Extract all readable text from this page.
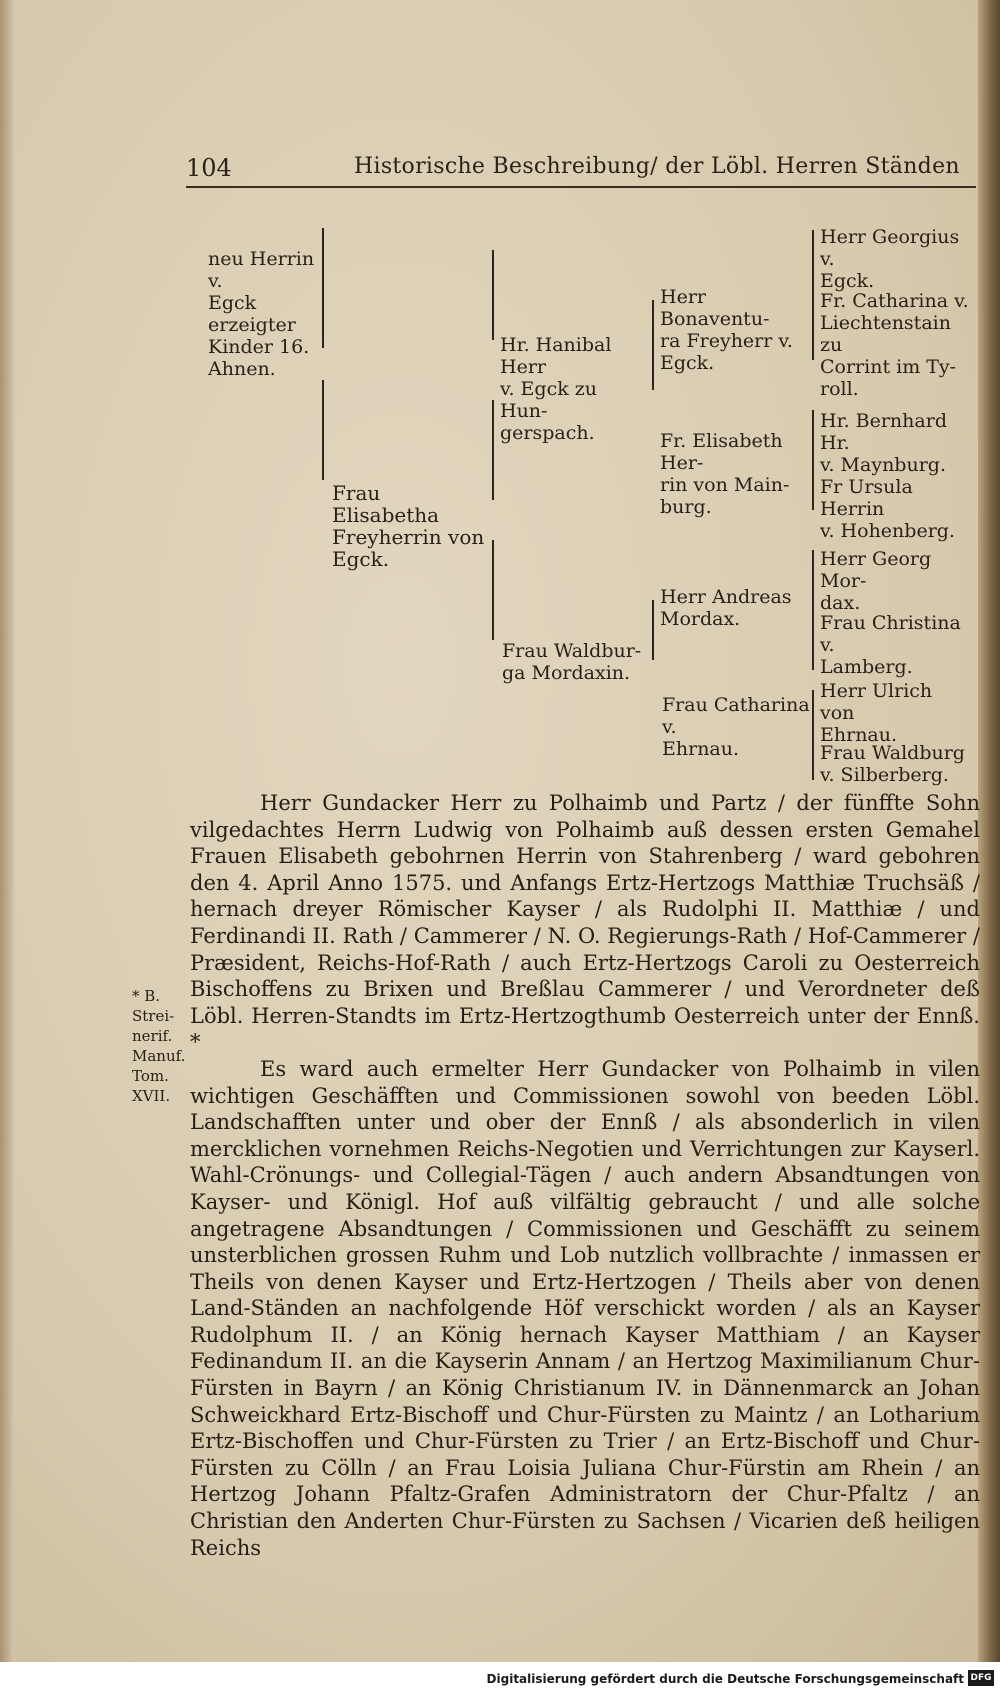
104	Historische Beschreibung/ der Löbl. Herren Ständen
neu Herrin v.
Egck erzeigter
Kinder 16.
Ahnen.
Frau Elisabetha
Freyherrin von
Egck.
Hr. Hanibal Herr
v. Egck zu Hun-
gerspach.
Frau Waldbur-
ga Mordaxin.
Herr Bonaventu-
ra Freyherr v.
Egck.
Fr. Elisabeth Her-
rin von Main-
burg.
Herr Andreas
Mordax.
Frau Catharina v.
Ehrnau.
Herr Georgius v.
Egck.
Fr. Catharina v.
Liechtenstain zu
Corrint im Ty-
roll.
Hr. Bernhard Hr.
v. Maynburg.
Fr Ursula Herrin
v. Hohenberg.
Herr Georg Mor-
dax.
Frau Christina v.
Lamberg.
Herr Ulrich von
Ehrnau.
Frau Waldburg
v. Silberberg.
* B.
Strei-
nerif.
Manuf.
Tom.
XVII.

Herr Gundacker Herr zu Polhaimb und Partz / der fünffte Sohn vilgedachtes Herrn Ludwig von Polhaimb auß dessen ersten Gemahel Frauen Elisabeth gebohrnen Herrin von Stahrenberg / ward gebohren den 4. April Anno 1575. und Anfangs Ertz-Hertzogs Matthiæ Truchsäß / hernach dreyer Römischer Kayser / als Rudolphi II. Matthiæ / und Ferdinandi II. Rath / Cammerer / N. O. Regierungs-Rath / Hof-Cammerer / Præsident, Reichs-Hof-Rath / auch Ertz-Hertzogs Caroli zu Oesterreich Bischoffens zu Brixen und Breßlau Cammerer / und Verordneter deß Löbl. Herren-Standts im Ertz-Hertzogthumb Oesterreich unter der Ennß. *

Es ward auch ermelter Herr Gundacker von Polhaimb in vilen wichtigen Geschäfften und Commissionen sowohl von beeden Löbl. Landschafften unter und ober der Ennß / als absonderlich in vilen mercklichen vornehmen Reichs-Negotien und Verrichtungen zur Kayserl. Wahl-Crönungs- und Collegial-Tägen / auch andern Absandtungen von Kayser- und Königl. Hof auß vilfältig gebraucht / und alle solche angetragene Absandtungen / Commissionen und Geschäfft zu seinem unsterblichen grossen Ruhm und Lob nutzlich vollbrachte / inmassen er Theils von denen Kayser und Ertz-Hertzogen / Theils aber von denen Land-Ständen an nachfolgende Höf verschickt worden / als an Kayser Rudolphum II. / an König hernach Kayser Matthiam / an Kayser Fedinandum II. an die Kayserin Annam / an Hertzog Maximilianum Chur-Fürsten in Bayrn / an König Christianum IV. in Dännenmarck an Johan Schweickhard Ertz-Bischoff und Chur-Fürsten zu Maintz / an Lotharium Ertz-Bischoffen und Chur-Fürsten zu Trier / an Ertz-Bischoff und Chur-Fürsten zu Cölln / an Frau Loisia Juliana Chur-Fürstin am Rhein / an Hertzog Johann Pfaltz-Grafen Administratorn der Chur-Pfaltz / an Christian den Anderten Chur-Fürsten zu Sachsen / Vicarien deß heiligen Reichs

Digitalisierung gefördert durch die Deutsche Forschungsgemeinschaft DFG
